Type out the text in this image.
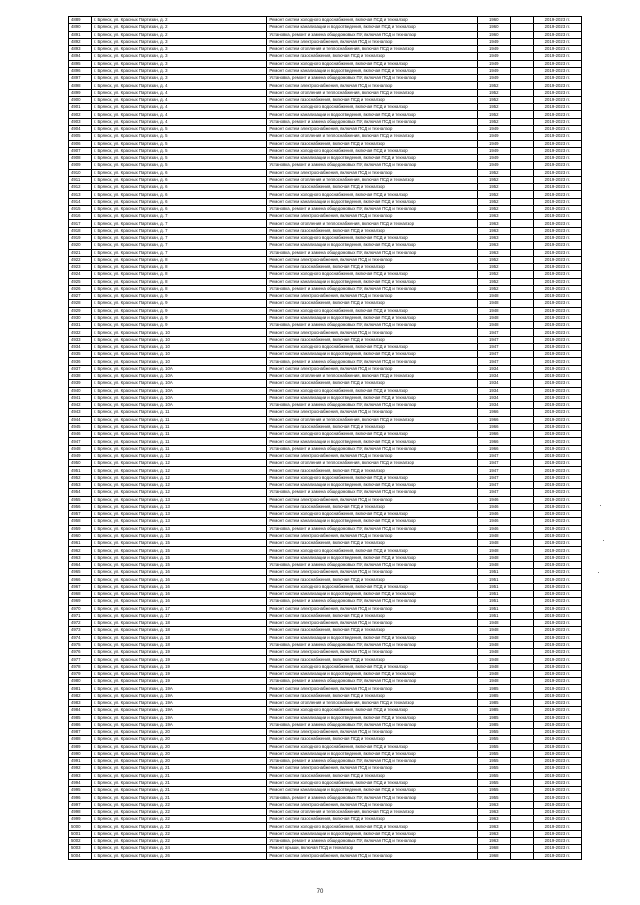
4889	г. Брянск, ул. Красных Партизан, д. 2	Ремонт систем холодного водоснабжения, включая ПСД и техналзор	1960		2019-2023 гг.
4890	г. Брянск, ул. Красных Партизан, д. 2	Ремонт систем канализации и водоотведения, включая ПСД и техналзор	1960		2019-2023 гг.
4891	г. Брянск, ул. Красных Партизан, д. 2	Установка, ремонт и замена общедомовых ПУ, включая ПСД и техналзор	1960		2019-2023 гг.
4892	г. Брянск, ул. Красных Партизан, д. 3	Ремонт систем электроснабжения, включая ПСД и техналзор	1949		2019-2023 гг.
4893	г. Брянск, ул. Красных Партизан, д. 3	Ремонт систем отопления и теплоснабжения, включая ПСД и техналзор	1949		2019-2023 гг.
4894	г. Брянск, ул. Красных Партизан, д. 3	Ремонт систем газоснабжения, включая ПСД и техналзор	1949		2019-2023 гг.
4895	г. Брянск, ул. Красных Партизан, д. 3	Ремонт систем холодного водоснабжения, включая ПСД и техналзор	1949		2019-2023 гг.
4896	г. Брянск, ул. Красных Партизан, д. 3	Ремонт систем канализации и водоотведения, включая ПСД и техналзор	1949		2019-2023 гг.
4897	г. Брянск, ул. Красных Партизан, д. 3	Установка, ремонт и замена общедомовых ПУ, включая ПСД и техналзор	1949		2019-2023 гг.
4898	г. Брянск, ул. Красных Партизан, д. 4	Ремонт систем электроснабжения, включая ПСД и техналзор	1952		2019-2023 гг.
4899	г. Брянск, ул. Красных Партизан, д. 4	Ремонт систем отопления и теплоснабжения, включая ПСД и техналзор	1952		2019-2023 гг.
4900	г. Брянск, ул. Красных Партизан, д. 4	Ремонт систем газоснабжения, включая ПСД и техналзор	1952		2019-2023 гг.
4901	г. Брянск, ул. Красных Партизан, д. 4	Ремонт систем холодного водоснабжения, включая ПСД и техналзор	1952		2019-2023 гг.
4902	г. Брянск, ул. Красных Партизан, д. 4	Ремонт систем канализации и водоотведения, включая ПСД и техналзор	1952		2019-2023 гг.
4903	г. Брянск, ул. Красных Партизан, д. 4	Установка, ремонт и замена общедомовых ПУ, включая ПСД и техналзор	1952		2019-2023 гг.
4904	г. Брянск, ул. Красных Партизан, д. 5	Ремонт систем электроснабжения, включая ПСД и техналзор	1949		2019-2023 гг.
4905	г. Брянск, ул. Красных Партизан, д. 5	Ремонт систем отопления и теплоснабжения, включая ПСД и техналзор	1949		2019-2023 гг.
4906	г. Брянск, ул. Красных Партизан, д. 5	Ремонт систем газоснабжения, включая ПСД и техналзор	1949		2019-2023 гг.
4907	г. Брянск, ул. Красных Партизан, д. 5	Ремонт систем холодного водоснабжения, включая ПСД и техналзор	1949		2019-2023 гг.
4908	г. Брянск, ул. Красных Партизан, д. 5	Ремонт систем канализации и водоотведения, включая ПСД и техналзор	1949		2019-2023 гг.
4909	г. Брянск, ул. Красных Партизан, д. 5	Установка, ремонт и замена общедомовых ПУ, включая ПСД и техналзор	1949		2019-2023 гг.
4910	г. Брянск, ул. Красных Партизан, д. 6	Ремонт систем электроснабжения, включая ПСД и техналзор	1952		2019-2023 гг.
4911	г. Брянск, ул. Красных Партизан, д. 6	Ремонт систем отопления и теплоснабжения, включая ПСД и техналзор	1952		2019-2023 гг.
4912	г. Брянск, ул. Красных Партизан, д. 6	Ремонт систем газоснабжения, включая ПСД и техналзор	1952		2019-2023 гг.
4913	г. Брянск, ул. Красных Партизан, д. 6	Ремонт систем холодного водоснабжения, включая ПСД и техналзор	1952		2019-2023 гг.
4914	г. Брянск, ул. Красных Партизан, д. 6	Ремонт систем канализации и водоотведения, включая ПСД и техналзор	1952		2019-2023 гг.
4915	г. Брянск, ул. Красных Партизан, д. 6	Установка, ремонт и замена общедомовых ПУ, включая ПСД и техналзор	1952		2019-2023 гг.
4916	г. Брянск, ул. Красных Партизан, д. 7	Ремонт систем электроснабжения, включая ПСД и техналзор	1963		2019-2023 гг.
4917	г. Брянск, ул. Красных Партизан, д. 7	Ремонт систем отопления и теплоснабжения, включая ПСД и техналзор	1963		2019-2023 гг.
4918	г. Брянск, ул. Красных Партизан, д. 7	Ремонт систем газоснабжения, включая ПСД и техналзор	1963		2019-2023 гг.
4919	г. Брянск, ул. Красных Партизан, д. 7	Ремонт систем холодного водоснабжения, включая ПСД и техналзор	1963		2019-2023 гг.
4920	г. Брянск, ул. Красных Партизан, д. 7	Ремонт систем канализации и водоотведения, включая ПСД и техналзор	1963		2019-2023 гг.
4921	г. Брянск, ул. Красных Партизан, д. 7	Установка, ремонт и замена общедомовых ПУ, включая ПСД и техналзор	1963		2019-2023 гг.
4922	г. Брянск, ул. Красных Партизан, д. 8	Ремонт систем электроснабжения, включая ПСД и техналзор	1952		2019-2023 гг.
4923	г. Брянск, ул. Красных Партизан, д. 8	Ремонт систем газоснабжения, включая ПСД и техналзор	1952		2019-2023 гг.
4924	г. Брянск, ул. Красных Партизан, д. 8	Ремонт систем холодного водоснабжения, включая ПСД и техналзор	1952		2019-2023 гг.
4925	г. Брянск, ул. Красных Партизан, д. 8	Ремонт систем канализации и водоотведения, включая ПСД и техналзор	1952		2019-2023 гг.
4926	г. Брянск, ул. Красных Партизан, д. 8	Установка, ремонт и замена общедомовых ПУ, включая ПСД и техналзор	1952		2019-2023 гг.
4927	г. Брянск, ул. Красных Партизан, д. 9	Ремонт систем электроснабжения, включая ПСД и техналзор	1948		2019-2023 гг.
4928	г. Брянск, ул. Красных Партизан, д. 9	Ремонт систем газоснабжения, включая ПСД и техналзор	1948		2019-2023 гг.
4929	г. Брянск, ул. Красных Партизан, д. 9	Ремонт систем холодного водоснабжения, включая ПСД и техналзор	1948		2019-2023 гг.
4930	г. Брянск, ул. Красных Партизан, д. 9	Ремонт систем канализации и водоотведения, включая ПСД и техналзор	1948		2019-2023 гг.
4931	г. Брянск, ул. Красных Партизан, д. 9	Установка, ремонт и замена общедомовых ПУ, включая ПСД и техналзор	1948		2019-2023 гг.
4932	г. Брянск, ул. Красных Партизан, д. 10	Ремонт систем электроснабжения, включая ПСД и техналзор	1947		2019-2023 гг.
4933	г. Брянск, ул. Красных Партизан, д. 10	Ремонт систем газоснабжения, включая ПСД и техналзор	1947		2019-2023 гг.
4934	г. Брянск, ул. Красных Партизан, д. 10	Ремонт систем холодного водоснабжения, включая ПСД и техналзор	1947		2019-2023 гг.
4935	г. Брянск, ул. Красных Партизан, д. 10	Ремонт систем канализации и водоотведения, включая ПСД и техналзор	1947		2019-2023 гг.
4936	г. Брянск, ул. Красных Партизан, д. 10	Установка, ремонт и замена общедомовых ПУ, включая ПСД и техналзор	1947		2019-2023 гг.
4937	г. Брянск, ул. Красных Партизан, д. 10А	Ремонт систем электроснабжения, включая ПСД и техналзор	1934		2019-2023 гг.
4938	г. Брянск, ул. Красных Партизан, д. 10А	Ремонт систем отопления и теплоснабжения, включая ПСД и техналзор	1934		2019-2023 гг.
4939	г. Брянск, ул. Красных Партизан, д. 10А	Ремонт систем газоснабжения, включая ПСД и техналзор	1934		2019-2023 гг.
4940	г. Брянск, ул. Красных Партизан, д. 10А	Ремонт систем холодного водоснабжения, включая ПСД и техналзор	1934		2019-2023 гг.
4941	г. Брянск, ул. Красных Партизан, д. 10А	Ремонт систем канализации и водоотведения, включая ПСД и техналзор	1934		2019-2023 гг.
4942	г. Брянск, ул. Красных Партизан, д. 10А	Установка, ремонт и замена общедомовых ПУ, включая ПСД и техналзор	1934		2019-2023 гг.
4943	г. Брянск, ул. Красных Партизан, д. 11	Ремонт систем электроснабжения, включая ПСД и техналзор	1966		2019-2023 гг.
4944	г. Брянск, ул. Красных Партизан, д. 11	Ремонт систем отопления и теплоснабжения, включая ПСД и техналзор	1966		2019-2023 гг.
4945	г. Брянск, ул. Красных Партизан, д. 11	Ремонт систем газоснабжения, включая ПСД и техналзор	1966		2019-2023 гг.
4946	г. Брянск, ул. Красных Партизан, д. 11	Ремонт систем холодного водоснабжения, включая ПСД и техналзор	1966		2019-2023 гг.
4947	г. Брянск, ул. Красных Партизан, д. 11	Ремонт систем канализации и водоотведения, включая ПСД и техналзор	1966		2019-2023 гг.
4948	г. Брянск, ул. Красных Партизан, д. 11	Установка, ремонт и замена общедомовых ПУ, включая ПСД и техналзор	1966		2019-2023 гг.
4949	г. Брянск, ул. Красных Партизан, д. 12	Ремонт систем электроснабжения, включая ПСД и техналзор	1947		2019-2023 гг.
4950	г. Брянск, ул. Красных Партизан, д. 12	Ремонт систем отопления и теплоснабжения, включая ПСД и техналзор	1947		2019-2023 гг.
4951	г. Брянск, ул. Красных Партизан, д. 12	Ремонт систем газоснабжения, включая ПСД и техналзор	1947		2019-2023 гг.
4952	г. Брянск, ул. Красных Партизан, д. 12	Ремонт систем холодного водоснабжения, включая ПСД и техналзор	1947		2019-2023 гг.
4953	г. Брянск, ул. Красных Партизан, д. 12	Ремонт систем канализации и водоотведения, включая ПСД и техналзор	1947		2019-2023 гг.
4954	г. Брянск, ул. Красных Партизан, д. 12	Установка, ремонт и замена общедомовых ПУ, включая ПСД и техналзор	1947		2019-2023 гг.
4955	г. Брянск, ул. Красных Партизан, д. 13	Ремонт систем электроснабжения, включая ПСД и техналзор	1946		2019-2023 гг.
4956	г. Брянск, ул. Красных Партизан, д. 13	Ремонт систем газоснабжения, включая ПСД и техналзор	1946		2019-2023 гг.
4957	г. Брянск, ул. Красных Партизан, д. 13	Ремонт систем холодного водоснабжения, включая ПСД и техналзор	1946		2019-2023 гг.
4958	г. Брянск, ул. Красных Партизан, д. 13	Ремонт систем канализации и водоотведения, включая ПСД и техналзор	1946		2019-2023 гг.
4959	г. Брянск, ул. Красных Партизан, д. 13	Установка, ремонт и замена общедомовых ПУ, включая ПСД и техналзор	1946		2019-2023 гг.
4960	г. Брянск, ул. Красных Партизан, д. 15	Ремонт систем электроснабжения, включая ПСД и техналзор	1948		2019-2023 гг.
4961	г. Брянск, ул. Красных Партизан, д. 15	Ремонт систем газоснабжения, включая ПСД и техналзор	1948		2019-2023 гг.
4962	г. Брянск, ул. Красных Партизан, д. 15	Ремонт систем холодного водоснабжения, включая ПСД и техналзор	1948		2019-2023 гг.
4963	г. Брянск, ул. Красных Партизан, д. 15	Ремонт систем канализации и водоотведения, включая ПСД и техналзор	1948		2019-2023 гг.
4964	г. Брянск, ул. Красных Партизан, д. 15	Установка, ремонт и замена общедомовых ПУ, включая ПСД и техналзор	1948		2019-2023 гг.
4965	г. Брянск, ул. Красных Партизан, д. 16	Ремонт систем электроснабжения, включая ПСД и техналзор	1951		2019-2023 гг.
4966	г. Брянск, ул. Красных Партизан, д. 16	Ремонт систем газоснабжения, включая ПСД и техналзор	1951		2019-2023 гг.
4967	г. Брянск, ул. Красных Партизан, д. 16	Ремонт систем холодного водоснабжения, включая ПСД и техналзор	1951		2019-2023 гг.
4968	г. Брянск, ул. Красных Партизан, д. 16	Ремонт систем канализации и водоотведения, включая ПСД и техналзор	1951		2019-2023 гг.
4969	г. Брянск, ул. Красных Партизан, д. 16	Установка, ремонт и замена общедомовых ПУ, включая ПСД и техналзор	1951		2019-2023 гг.
4970	г. Брянск, ул. Красных Партизан, д. 17	Ремонт систем электроснабжения, включая ПСД и техналзор	1951		2019-2023 гг.
4971	г. Брянск, ул. Красных Партизан, д. 17	Ремонт систем газоснабжения, включая ПСД и техналзор	1951		2019-2023 гг.
4972	г. Брянск, ул. Красных Партизан, д. 18	Ремонт систем электроснабжения, включая ПСД и техналзор	1948		2019-2023 гг.
4973	г. Брянск, ул. Красных Партизан, д. 18	Ремонт систем газоснабжения, включая ПСД и техналзор	1948		2019-2023 гг.
4974	г. Брянск, ул. Красных Партизан, д. 18	Ремонт систем канализации и водоотведения, включая ПСД и техналзор	1948		2019-2023 гг.
4975	г. Брянск, ул. Красных Партизан, д. 18	Установка, ремонт и замена общедомовых ПУ, включая ПСД и техналзор	1948		2019-2023 гг.
4976	г. Брянск, ул. Красных Партизан, д. 19	Ремонт систем электроснабжения, включая ПСД и техналзор	1948		2019-2023 гг.
4977	г. Брянск, ул. Красных Партизан, д. 19	Ремонт систем газоснабжения, включая ПСД и техналзор	1948		2019-2023 гг.
4978	г. Брянск, ул. Красных Партизан, д. 19	Ремонт систем холодного водоснабжения, включая ПСД и техналзор	1948		2019-2023 гг.
4979	г. Брянск, ул. Красных Партизан, д. 19	Ремонт систем канализации и водоотведения, включая ПСД и техналзор	1948		2019-2023 гг.
4980	г. Брянск, ул. Красных Партизан, д. 19	Установка, ремонт и замена общедомовых ПУ, включая ПСД и техналзор	1948		2019-2023 гг.
4981	г. Брянск, ул. Красных Партизан, д. 19А	Ремонт систем электроснабжения, включая ПСД и техналзор	1985		2019-2023 гг.
4982	г. Брянск, ул. Красных Партизан, д. 19А	Ремонт систем газоснабжения, включая ПСД и техналзор	1985		2019-2023 гг.
4983	г. Брянск, ул. Красных Партизан, д. 19А	Ремонт систем отопления и теплоснабжения, включая ПСД и техналзор	1985		2019-2023 гг.
4984	г. Брянск, ул. Красных Партизан, д. 19А	Ремонт систем холодного водоснабжения, включая ПСД и техналзор	1985		2019-2023 гг.
4985	г. Брянск, ул. Красных Партизан, д. 19А	Ремонт систем канализации и водоотведения, включая ПСД и техналзор	1985		2019-2023 гг.
4986	г. Брянск, ул. Красных Партизан, д. 19А	Установка, ремонт и замена общедомовых ПУ, включая ПСД и техналзор	1985		2019-2023 гг.
4987	г. Брянск, ул. Красных Партизан, д. 20	Ремонт систем электроснабжения, включая ПСД и техналзор	1955		2019-2023 гг.
4988	г. Брянск, ул. Красных Партизан, д. 20	Ремонт систем газоснабжения, включая ПСД и техналзор	1955		2019-2023 гг.
4989	г. Брянск, ул. Красных Партизан, д. 20	Ремонт систем холодного водоснабжения, включая ПСД и техналзор	1955		2019-2023 гг.
4990	г. Брянск, ул. Красных Партизан, д. 20	Ремонт систем канализации и водоотведения, включая ПСД и техналзор	1955		2019-2023 гг.
4991	г. Брянск, ул. Красных Партизан, д. 20	Установка, ремонт и замена общедомовых ПУ, включая ПСД и техналзор	1955		2019-2023 гг.
4992	г. Брянск, ул. Красных Партизан, д. 21	Ремонт систем электроснабжения, включая ПСД и техналзор	1955		2019-2023 гг.
4993	г. Брянск, ул. Красных Партизан, д. 21	Ремонт систем газоснабжения, включая ПСД и техналзор	1955		2019-2023 гг.
4994	г. Брянск, ул. Красных Партизан, д. 21	Ремонт систем холодного водоснабжения, включая ПСД и техналзор	1955		2019-2023 гг.
4995	г. Брянск, ул. Красных Партизан, д. 21	Ремонт систем канализации и водоотведения, включая ПСД и техналзор	1955		2019-2023 гг.
4996	г. Брянск, ул. Красных Партизан, д. 21	Установка, ремонт и замена общедомовых ПУ, включая ПСД и техналзор	1955		2019-2023 гг.
4997	г. Брянск, ул. Красных Партизан, д. 22	Ремонт систем электроснабжения, включая ПСД и техналзор	1963		2019-2023 гг.
4998	г. Брянск, ул. Красных Партизан, д. 22	Ремонт систем отопления и теплоснабжения, включая ПСД и техналзор	1963		2019-2023 гг.
4999	г. Брянск, ул. Красных Партизан, д. 22	Ремонт систем газоснабжения, включая ПСД и техналзор	1963		2019-2023 гг.
5000	г. Брянск, ул. Красных Партизан, д. 22	Ремонт систем холодного водоснабжения, включая ПСД и техналзор	1963		2019-2023 гг.
5001	г. Брянск, ул. Красных Партизан, д. 22	Ремонт систем канализации и водоотведения, включая ПСД и техналзор	1963		2019-2023 гг.
5002	г. Брянск, ул. Красных Партизан, д. 22	Установка, ремонт и замена общедомовых ПУ, включая ПСД и техналзор	1963		2019-2023 гг.
5003	г. Брянск, ул. Красных Партизан, д. 24	Ремонт крыши, включая ПСД и техналзор	1968		2019-2023 гг.
5004	г. Брянск, ул. Красных Партизан, д. 26	Ремонт систем электроснабжения, включая ПСД и техналзор	1968		2019-2023 гг.
70
